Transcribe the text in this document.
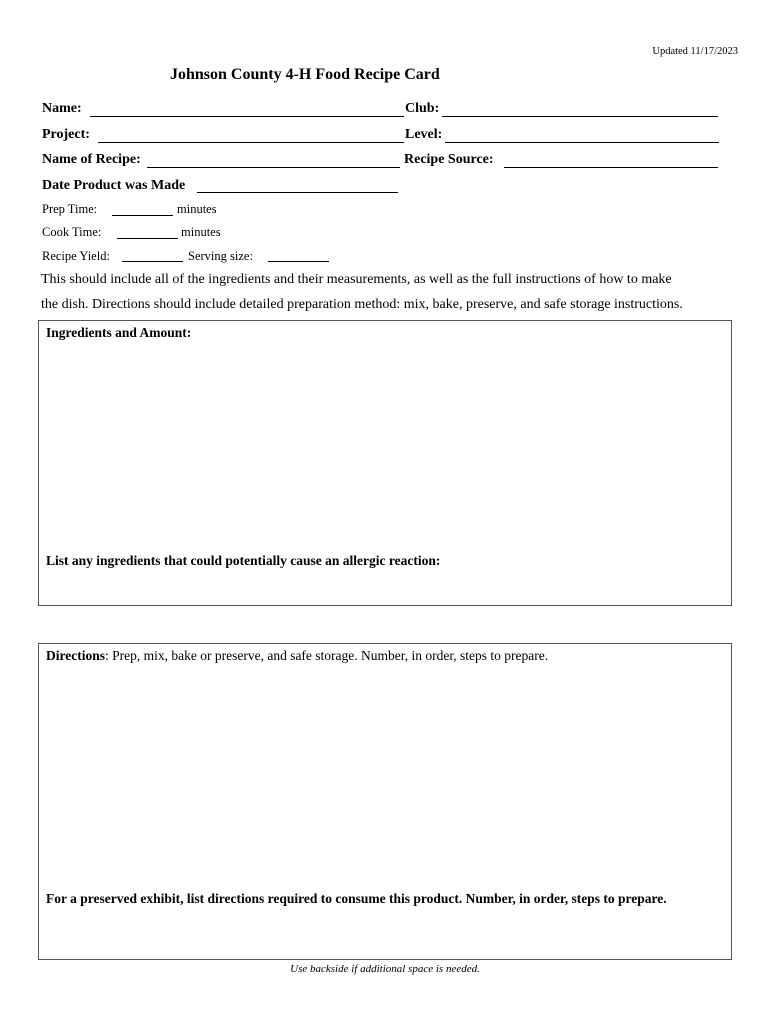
Updated 11/17/2023
Johnson County 4-H Food Recipe Card
Name:	Club:
Project:	Level:
Name of Recipe:	Recipe Source:
Date Product was Made
Prep Time:	minutes
Cook Time:	minutes
Recipe Yield:	Serving size:
This should include all of the ingredients and their measurements, as well as the full instructions of how to make
the dish. Directions should include detailed preparation method: mix, bake, preserve, and safe storage instructions.
Ingredients and Amount:
List any ingredients that could potentially cause an allergic reaction:
Directions: Prep, mix, bake or preserve, and safe storage. Number, in order, steps to prepare.
For a preserved exhibit, list directions required to consume this product. Number, in order, steps to prepare.
Use backside if additional space is needed.
